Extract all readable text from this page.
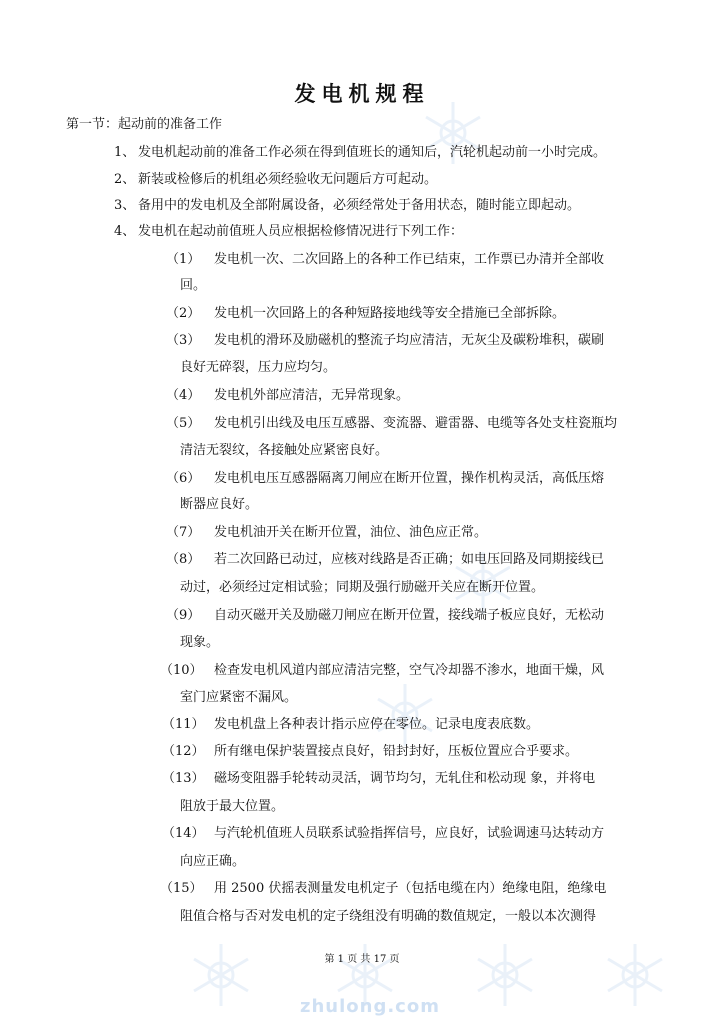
zhulong.com
发电机规程
第一节：起动前的准备工作
1、 发电机起动前的准备工作必须在得到值班长的通知后，汽轮机起动前一小时完成。
2、 新装或检修后的机组必须经验收无问题后方可起动。
3、 备用中的发电机及全部附属设备，必须经常处于备用状态，随时能立即起动。
4、 发电机在起动前值班人员应根据检修情况进行下列工作：
（1） 发电机一次、二次回路上的各种工作已结束，工作票已办清并全部收
回。
（2） 发电机一次回路上的各种短路接地线等安全措施已全部拆除。
（3） 发电机的滑环及励磁机的整流子均应清洁，无灰尘及碳粉堆积，碳刷
良好无碎裂，压力应均匀。
（4） 发电机外部应清洁，无异常现象。
（5） 发电机引出线及电压互感器、变流器、避雷器、电缆等各处支柱瓷瓶均
清洁无裂纹，各接触处应紧密良好。
（6） 发电机电压互感器隔离刀闸应在断开位置，操作机构灵活，高低压熔
断器应良好。
（7） 发电机油开关在断开位置，油位、油色应正常。
（8） 若二次回路已动过，应核对线路是否正确；如电压回路及同期接线已
动过，必须经过定相试验；同期及强行励磁开关应在断开位置。
（9） 自动灭磁开关及励磁刀闸应在断开位置，接线端子板应良好，无松动
现象。
（10） 检查发电机风道内部应清洁完整，空气冷却器不渗水，地面干燥，风
室门应紧密不漏风。
（11） 发电机盘上各种表计指示应停在零位。记录电度表底数。
（12） 所有继电保护装置接点良好，铅封封好，压板位置应合乎要求。
（13） 磁场变阻器手轮转动灵活，调节均匀，无轧住和松动现 象，并将电
阻放于最大位置。
（14） 与汽轮机值班人员联系试验指挥信号，应良好，试验调速马达转动方
向应正确。
（15） 用 2500 伏摇表测量发电机定子（包括电缆在内）绝缘电阻，绝缘电
阻值合格与否对发电机的定子绕组没有明确的数值规定，一般以本次测得
第 1 页 共 17 页
